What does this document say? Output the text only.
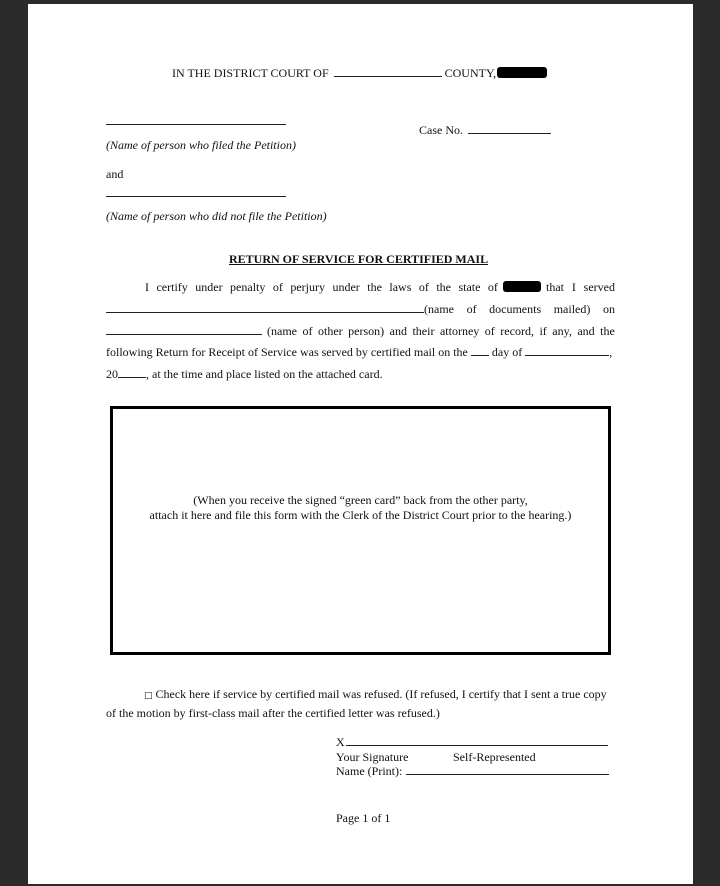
IN THE DISTRICT COURT OF	COUNTY,
(Name of person who filed the Petition)
Case No.
and
(Name of person who did not file the Petition)
RETURN OF SERVICE FOR CERTIFIED MAIL
I certify under penalty of perjury under the laws of the state of	that I served
(name of documents mailed) on
(name of other person) and their attorney of record, if any, and the
following Return for Receipt of Service was served by certified mail on the day of	,
20 , at the time and place listed on the attached card.
(When you receive the signed “green card” back from the other party,
attach it here and file this form with the Clerk of the District Court prior to the hearing.)
□ Check here if service by certified mail was refused. (If refused, I certify that I sent a true copy
of the motion by first-class mail after the certified letter was refused.)
X
Your Signature	Self-Represented
Name (Print):
Page 1 of 1
